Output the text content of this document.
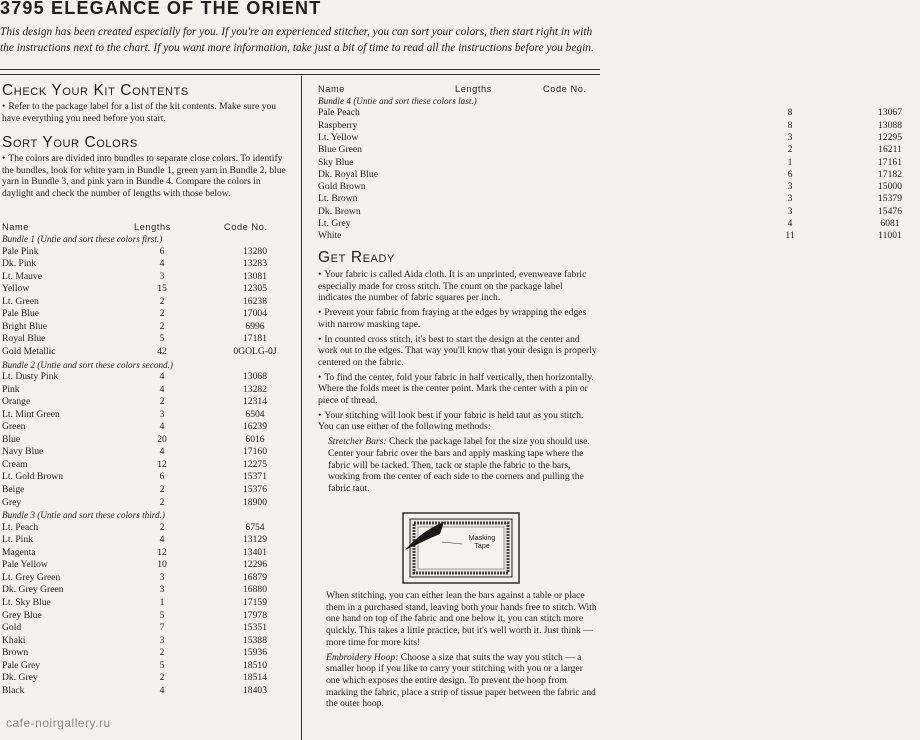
3795 ELEGANCE OF THE ORIENT
This design has been created especially for you. If you're an experienced stitcher, you can sort your colors, then start right in with
the instructions next to the chart. If you want more information, take just a bit of time to read all the instructions before you begin.
Check Your Kit Contents

• Refer to the package label for a list of the kit contents. Make sure you have everything you need before you start.

Sort Your Colors

• The colors are divided into bundles to separate close colors. To identify the bundles, look for white yarn in Bundle 1, green yarn in Bundle 2, blue yarn in Bundle 3, and pink yarn in Bundle 4. Compare the colors in daylight and check the number of lengths with those below.

Name	Lengths	Code No.
Bundle 1 (Untie and sort these colors first.)
Pale Pink	6	13280
Dk. Pink	4	13283
Lt. Mauve	3	13081
Yellow	15	12305
Lt. Green	2	16238
Pale Blue	2	17004
Bright Blue	2	6996
Royal Blue	5	17181
Gold Metallic	42	0GOLG-0J
Bundle 2 (Untie and sort these colors second.)
Lt. Dusty Pink	4	13068
Pink	4	13282
Orange	2	12314
Lt. Mint Green	3	6504
Green	4	16239
Blue	20	6016
Navy Blue	4	17160
Cream	12	12275
Lt. Gold Brown	6	15371
Beige	2	15376
Grey	2	18900
Bundle 3 (Untie and sort these colors third.)
Lt. Peach	2	6754
Lt. Pink	4	13129
Magenta	12	13401
Pale Yellow	10	12296
Lt. Grey Green	3	16879
Dk. Grey Green	3	16880
Lt. Sky Blue	1	17159
Grey Blue	5	17978
Gold	7	15351
Khaki	3	15388
Brown	2	15936
Pale Grey	5	18510
Dk. Grey	2	18514
Black	4	18403
Name	Lengths	Code No.
Bundle 4 (Untie and sort these colors last.)
Pale Peach	8	13067
Raspberry	8	13088
Lt. Yellow	3	12295
Blue Green	2	16211
Sky Blue	1	17161
Dk. Royal Blue	6	17182
Gold Brown	3	15000
Lt. Brown	3	15379
Dk. Brown	3	15476
Lt. Grey	4	6081
White	11	11001
Get Ready

• Your fabric is called Aida cloth. It is an unprinted, evenweave fabric especially made for cross stitch. The count on the package label indicates the number of fabric squares per inch.

• Prevent your fabric from fraying at the edges by wrapping the edges with narrow masking tape.

• In counted cross stitch, it's best to start the design at the center and work out to the edges. That way you'll know that your design is properly centered on the fabric.

• To find the center, fold your fabric in half vertically, then horizontally. Where the folds meet is the center point. Mark the center with a pin or piece of thread.

• Your stitching will look best if your fabric is held taut as you stitch. You can use either of the following methods:

Stretcher Bars: Check the package label for the size you should use. Center your fabric over the bars and apply masking tape where the fabric will be tacked. Then, tack or staple the fabric to the bars, working from the center of each side to the corners and pulling the fabric taut.

Masking Tape

When stitching, you can either lean the bars against a table or place them in a purchased stand, leaving both your hands free to stitch. With one hand on top of the fabric and one below it, you can stitch more quickly. This takes a little practice, but it's well worth it. Just think — more time for more kits!

Embroidery Hoop: Choose a size that suits the way you stitch — a smaller hoop if you like to carry your stitching with you or a larger one which exposes the entire design. To prevent the hoop from marking the fabric, place a strip of tissue paper between the fabric and the outer hoop.

cafe-noirgallery.ru
